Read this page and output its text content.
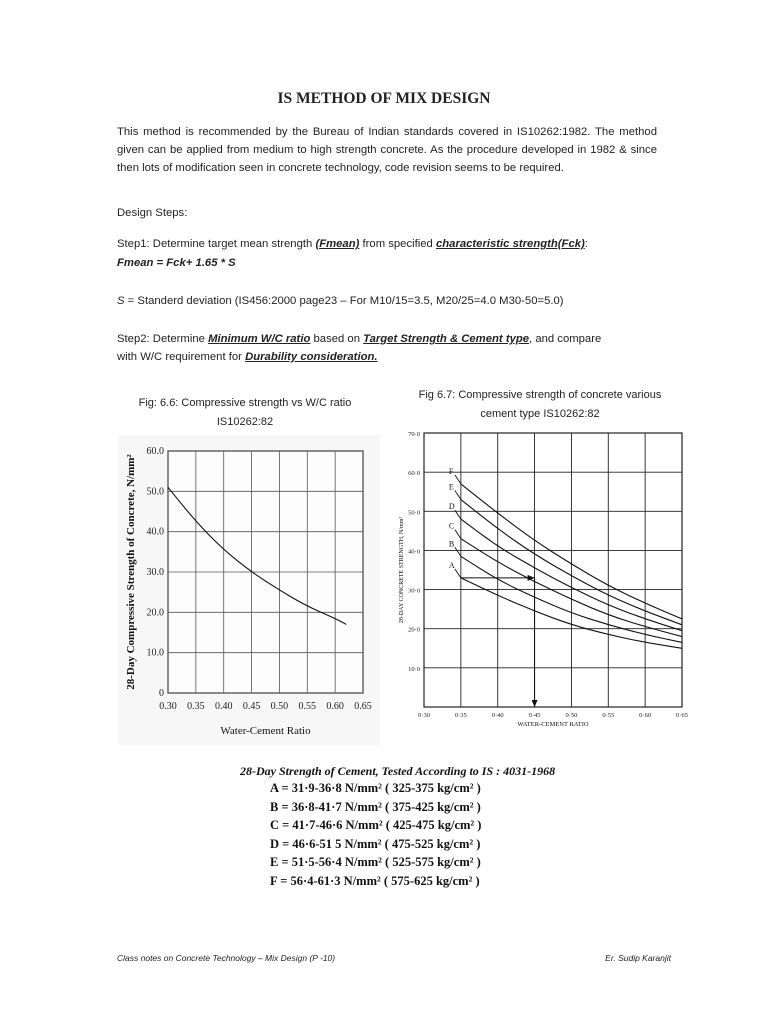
IS METHOD OF MIX DESIGN
This method is recommended by the Bureau of Indian standards covered in IS10262:1982. The method given can be applied from medium to high strength concrete. As the procedure developed in 1982 & since then lots of modification seen in concrete technology, code revision seems to be required.
Design Steps:
Step1: Determine target mean strength (Fmean) from specified characteristic strength(Fck):
Fmean = Fck+ 1.65 * S
S = Standerd deviation (IS456:2000 page23 – For M10/15=3.5, M20/25=4.0 M30-50=5.0)
Step2: Determine Minimum W/C ratio based on Target Strength & Cement type, and compare
with W/C requirement for Durability consideration.
Fig: 6.6: Compressive strength vs W/C ratio
IS10262:82
Fig 6.7: Compressive strength of concrete various
cement type IS10262:82
0.30 0.35 0.40 0.45 0.50 0.55 0.60 0.65
0
10.0
20.0
30.0
40.0
50.0
60.0
Water-Cement Ratio
28-Day Compressive Strength of Concrete, N/mm²
0·30	0·35	0·40	0·45	0·50	0·55	0·60	0·65
10·0
20·0
30·0
40·0
50·0
60·0
70·0
A
B
C
D
E
F
WATER-CEMENT RATIO
28-DAY CONCRETE STRENGTH, N/mm²
28-Day Strength of Cement, Tested According to IS : 4031-1968
A = 31·9-36·8 N/mm² ( 325-375 kg/cm² )
B = 36·8-41·7 N/mm² ( 375-425 kg/cm² )
C = 41·7-46·6 N/mm² ( 425-475 kg/cm² )
D = 46·6-51 5 N/mm² ( 475-525 kg/cm² )
E = 51·5-56·4 N/mm² ( 525-575 kg/cm² )
F = 56·4-61·3 N/mm² ( 575-625 kg/cm² )
Class notes on Concrete Technology – Mix Design (P -10)	Er. Sudip Karanjit
